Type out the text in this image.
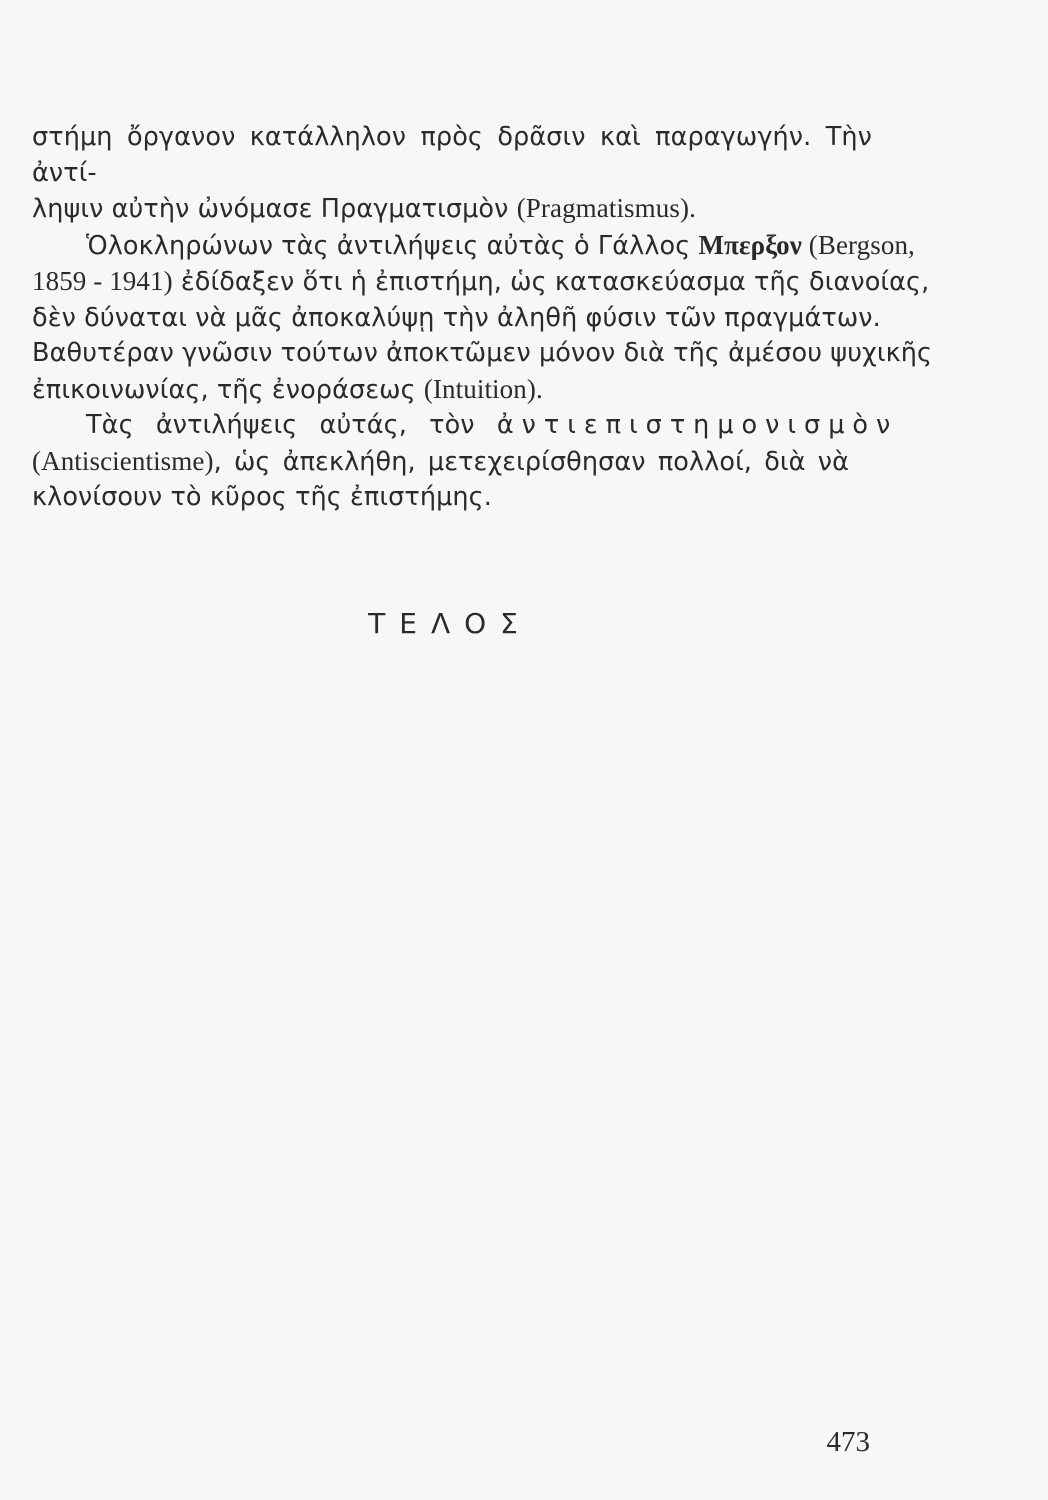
στήμη ὄργανον κατάλληλον πρὸς δρᾶσιν καὶ παραγωγήν. Τὴν ἀντί-
ληψιν αὐτὴν ὠνόμασε Πραγματισμὸν (Pragmatismus).
Ὁλοκληρώνων τὰς ἀντιλήψεις αὐτὰς ὁ Γάλλος Μπερξον (Bergson,
1859 - 1941) ἐδίδαξεν ὅτι ἡ ἐπιστήμη, ὡς κατασκεύασμα τῆς διανοίας,
δὲν δύναται νὰ μᾶς ἀποκαλύψῃ τὴν ἀληθῆ φύσιν τῶν πραγμάτων.
Βαθυτέραν γνῶσιν τούτων ἀποκτῶμεν μόνον διὰ τῆς ἀμέσου ψυχικῆς
ἐπικοινωνίας, τῆς ἐνοράσεως (Intuition).
Τὰς ἀντιλήψεις αὐτάς, τὸν ἀντιεπιστημονισμὸν
(Antiscientisme), ὡς ἀπεκλήθη, μετεχειρίσθησαν πολλοί, διὰ νὰ
κλονίσουν τὸ κῦρος τῆς ἐπιστήμης.
ΤΕΛΟΣ
473
